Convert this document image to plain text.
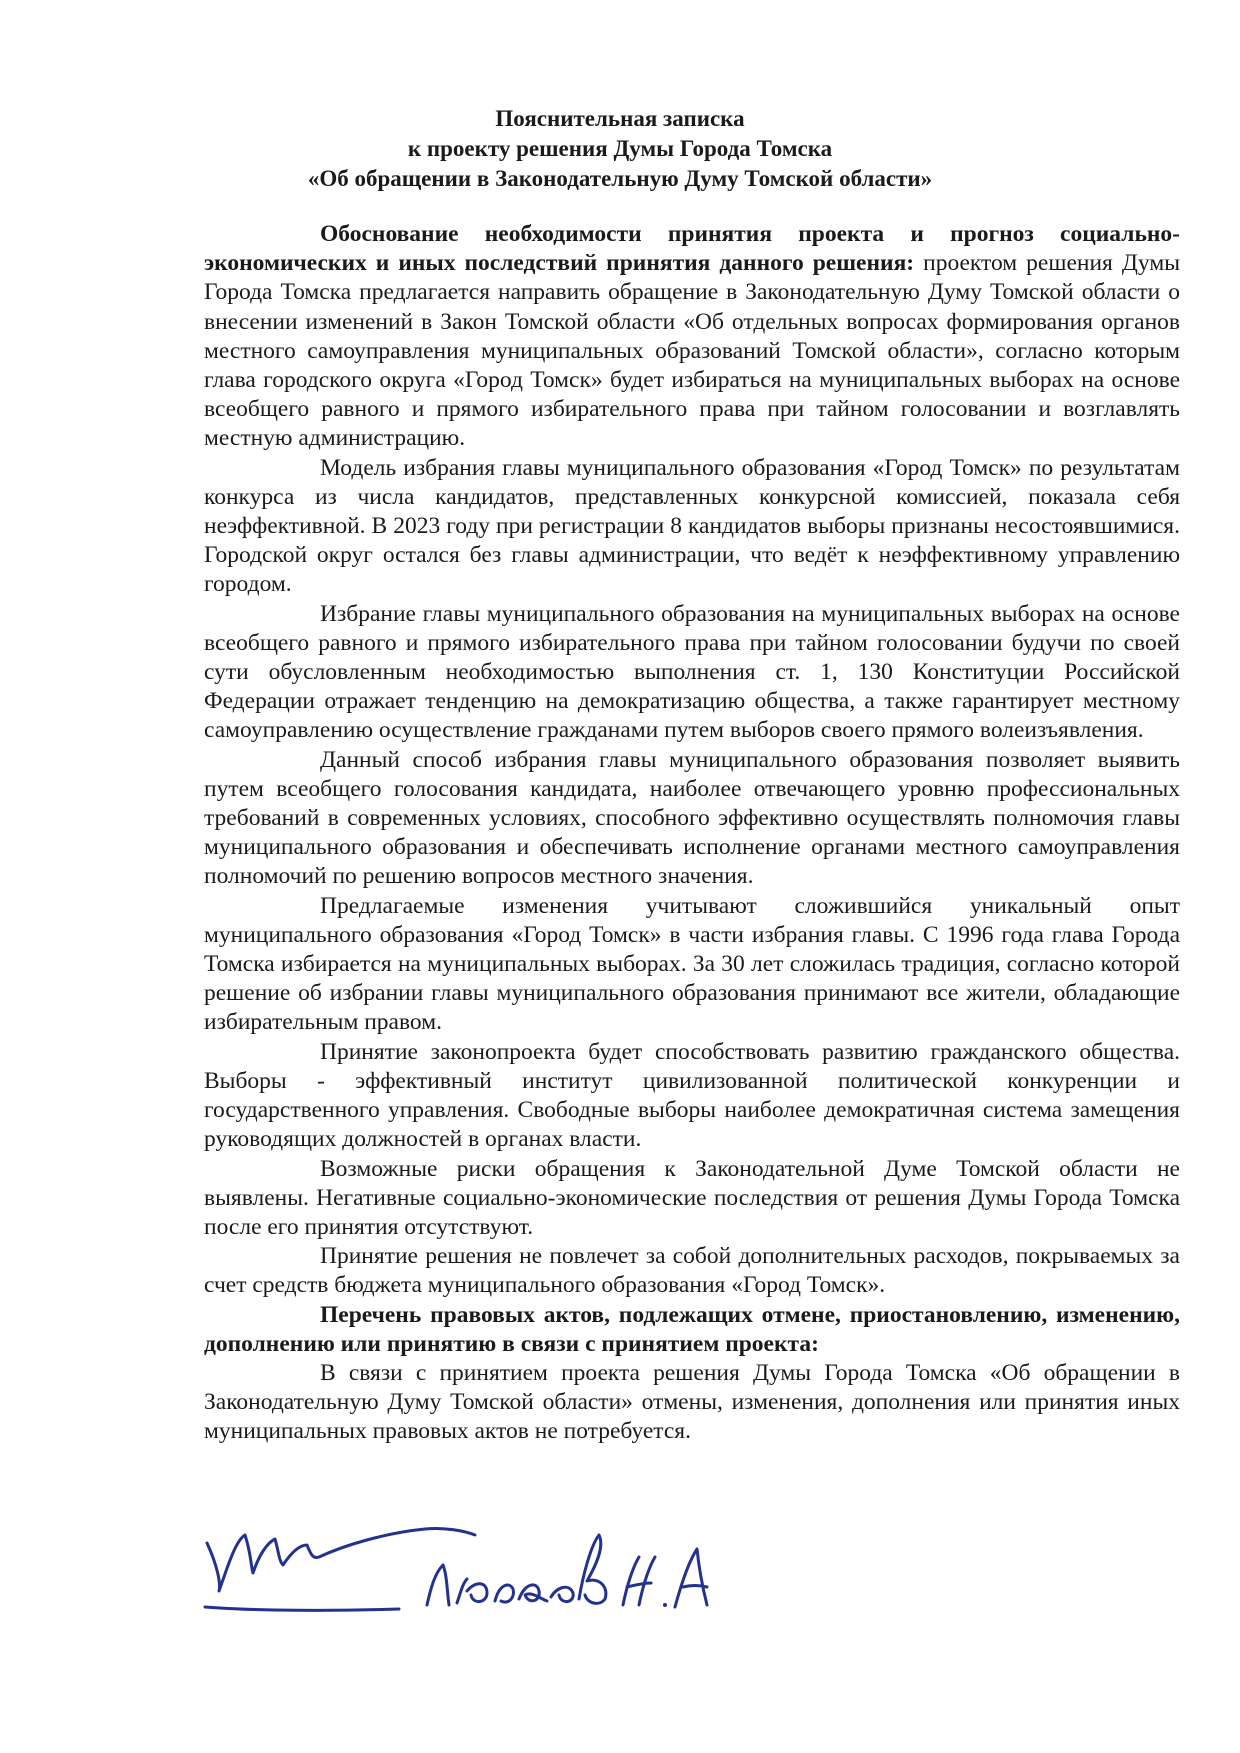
Пояснительная записка
к проекту решения Думы Города Томска
«Об обращении в Законодательную Думу Томской области»

Обоснование необходимости принятия проекта и прогноз социально-экономических и иных последствий принятия данного решения: проектом решения Думы Города Томска предлагается направить обращение в Законодательную Думу Томской области о внесении изменений в Закон Томской области «Об отдельных вопросах формирования органов местного самоуправления муниципальных образований Томской области», согласно которым глава городского округа «Город Томск» будет избираться на муниципальных выборах на основе всеобщего равного и прямого избирательного права при тайном голосовании и возглавлять местную администрацию.

Модель избрания главы муниципального образования «Город Томск» по результатам конкурса из числа кандидатов, представленных конкурсной комиссией, показала себя неэффективной. В 2023 году при регистрации 8 кандидатов выборы признаны несостоявшимися. Городской округ остался без главы администрации, что ведёт к неэффективному управлению городом.

Избрание главы муниципального образования на муниципальных выборах на основе всеобщего равного и прямого избирательного права при тайном голосовании будучи по своей сути обусловленным необходимостью выполнения ст. 1, 130 Конституции Российской Федерации отражает тенденцию на демократизацию общества, а также гарантирует местному самоуправлению осуществление гражданами путем выборов своего прямого волеизъявления.

Данный способ избрания главы муниципального образования позволяет выявить путем всеобщего голосования кандидата, наиболее отвечающего уровню профессиональных требований в современных условиях, способного эффективно осуществлять полномочия главы муниципального образования и обеспечивать исполнение органами местного самоуправления полномочий по решению вопросов местного значения.

Предлагаемые изменения учитывают сложившийся уникальный опыт муниципального образования «Город Томск» в части избрания главы. С 1996 года глава Города Томска избирается на муниципальных выборах. За 30 лет сложилась традиция, согласно которой решение об избрании главы муниципального образования принимают все жители, обладающие избирательным правом.

Принятие законопроекта будет способствовать развитию гражданского общества. Выборы - эффективный институт цивилизованной политической конкуренции и государственного управления. Свободные выборы наиболее демократичная система замещения руководящих должностей в органах власти.

Возможные риски обращения к Законодательной Думе Томской области не выявлены. Негативные социально-экономические последствия от решения Думы Города Томска после его принятия отсутствуют.

Принятие решения не повлечет за собой дополнительных расходов, покрываемых за счет средств бюджета муниципального образования «Город Томск».

Перечень правовых актов, подлежащих отмене, приостановлению, изменению, дополнению или принятию в связи с принятием проекта:

В связи с принятием проекта решения Думы Города Томска «Об обращении в Законодательную Думу Томской области» отмены, изменения, дополнения или принятия иных муниципальных правовых актов не потребуется.

Лютаев И.А
